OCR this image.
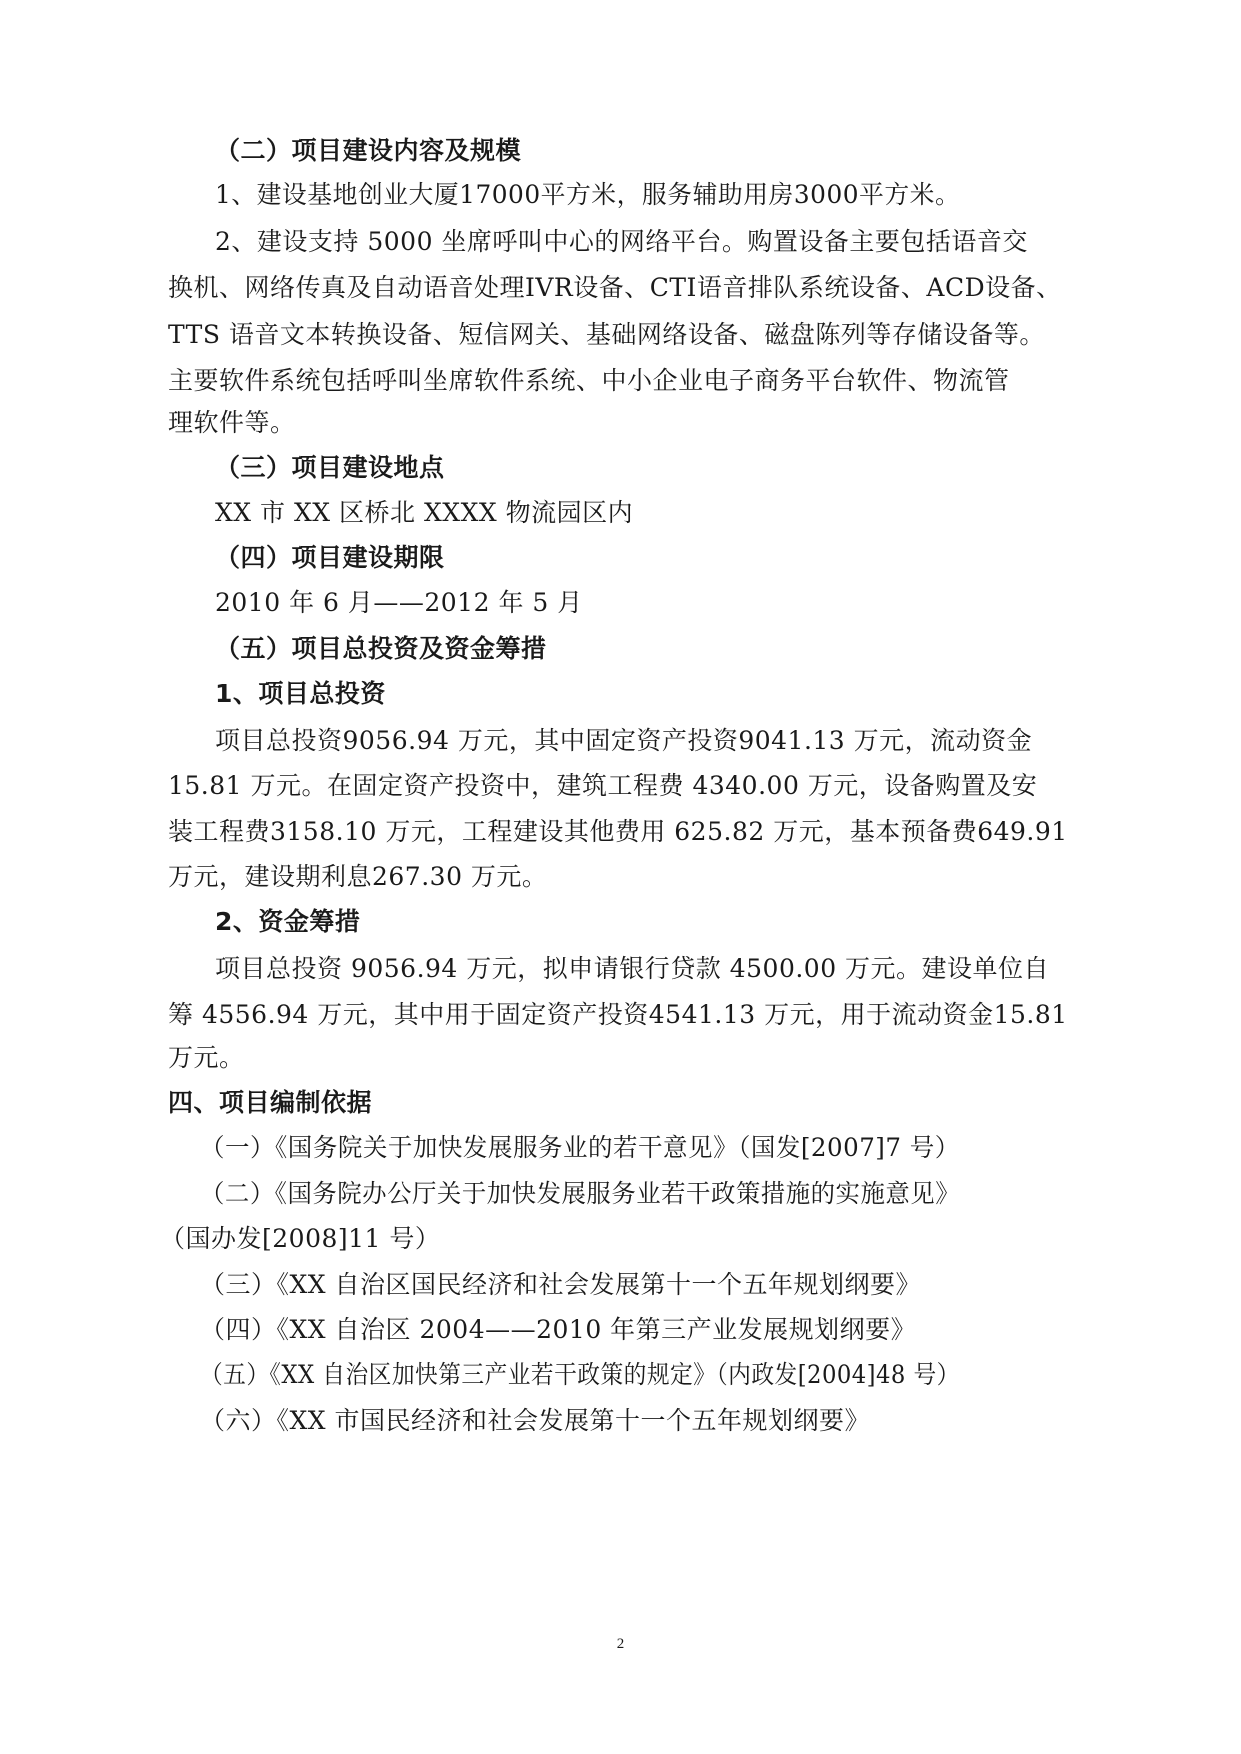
（二）项目建设内容及规模
1、建设基地创业大厦17000平方米，服务辅助用房3000平方米。
2、建设支持 5000 坐席呼叫中心的网络平台。购置设备主要包括语音交
换机、网络传真及自动语音处理IVR设备、CTI语音排队系统设备、ACD设备、
TTS 语音文本转换设备、短信网关、基础网络设备、磁盘陈列等存储设备等。
主要软件系统包括呼叫坐席软件系统、中小企业电子商务平台软件、物流管
理软件等。
（三）项目建设地点
XX 市 XX 区桥北 XXXX 物流园区内
（四）项目建设期限
2010 年 6 月——2012 年 5 月
（五）项目总投资及资金筹措
1、项目总投资
项目总投资9056.94 万元，其中固定资产投资9041.13 万元，流动资金
15.81 万元。在固定资产投资中，建筑工程费 4340.00 万元，设备购置及安
装工程费3158.10 万元，工程建设其他费用 625.82 万元，基本预备费649.91
万元，建设期利息267.30 万元。
2、资金筹措
项目总投资 9056.94 万元，拟申请银行贷款 4500.00 万元。建设单位自
筹 4556.94 万元，其中用于固定资产投资4541.13 万元，用于流动资金15.81
万元。
四、项目编制依据
（一）《国务院关于加快发展服务业的若干意见》（国发[2007]7 号）
（二）《国务院办公厅关于加快发展服务业若干政策措施的实施意见》
（国办发[2008]11 号）
（三）《XX 自治区国民经济和社会发展第十一个五年规划纲要》
（四）《XX 自治区 2004——2010 年第三产业发展规划纲要》
（五）《XX 自治区加快第三产业若干政策的规定》（内政发[2004]48 号）
（六）《XX 市国民经济和社会发展第十一个五年规划纲要》
2
